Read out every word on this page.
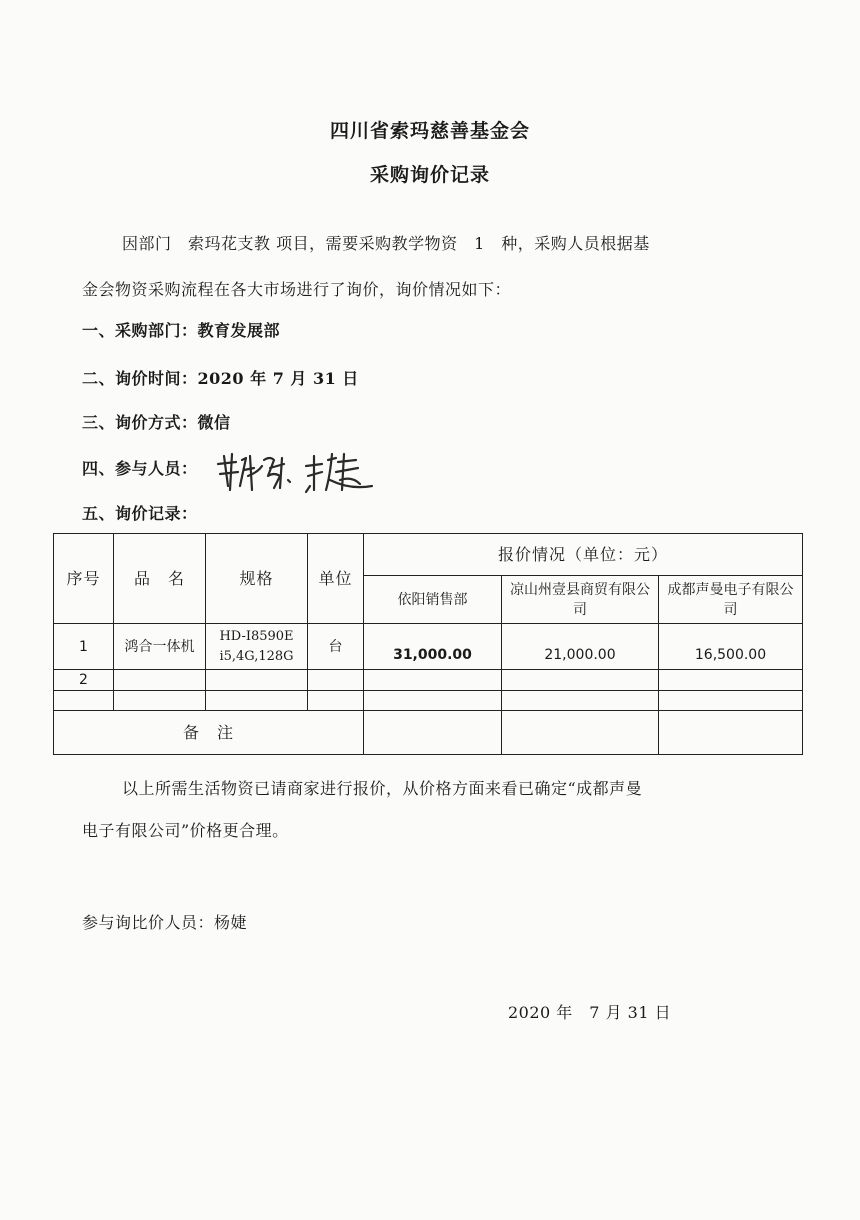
四川省索玛慈善基金会
采购询价记录
因部门　索玛花支教 项目，需要采购教学物资　1　种，采购人员根据基
金会物资采购流程在各大市场进行了询价，询价情况如下：
一、采购部门：教育发展部
二、询价时间：2020 年 7 月 31 日
三、询价方式：微信
四、参与人员：
五、询价记录：
序号	品　名	规格	单位	报价情况（单位：元）		
				依阳销售部	凉山州壹县商贸有限公司	成都声曼电子有限公司
1	鸿合一体机	HD-I8590E i5,4G,128G	台	31,000.00	21,000.00	16,500.00
2						

备　注						
以上所需生活物资已请商家进行报价，从价格方面来看已确定“成都声曼
电子有限公司”价格更合理。
参与询比价人员：杨婕
2020 年　7 月 31 日
